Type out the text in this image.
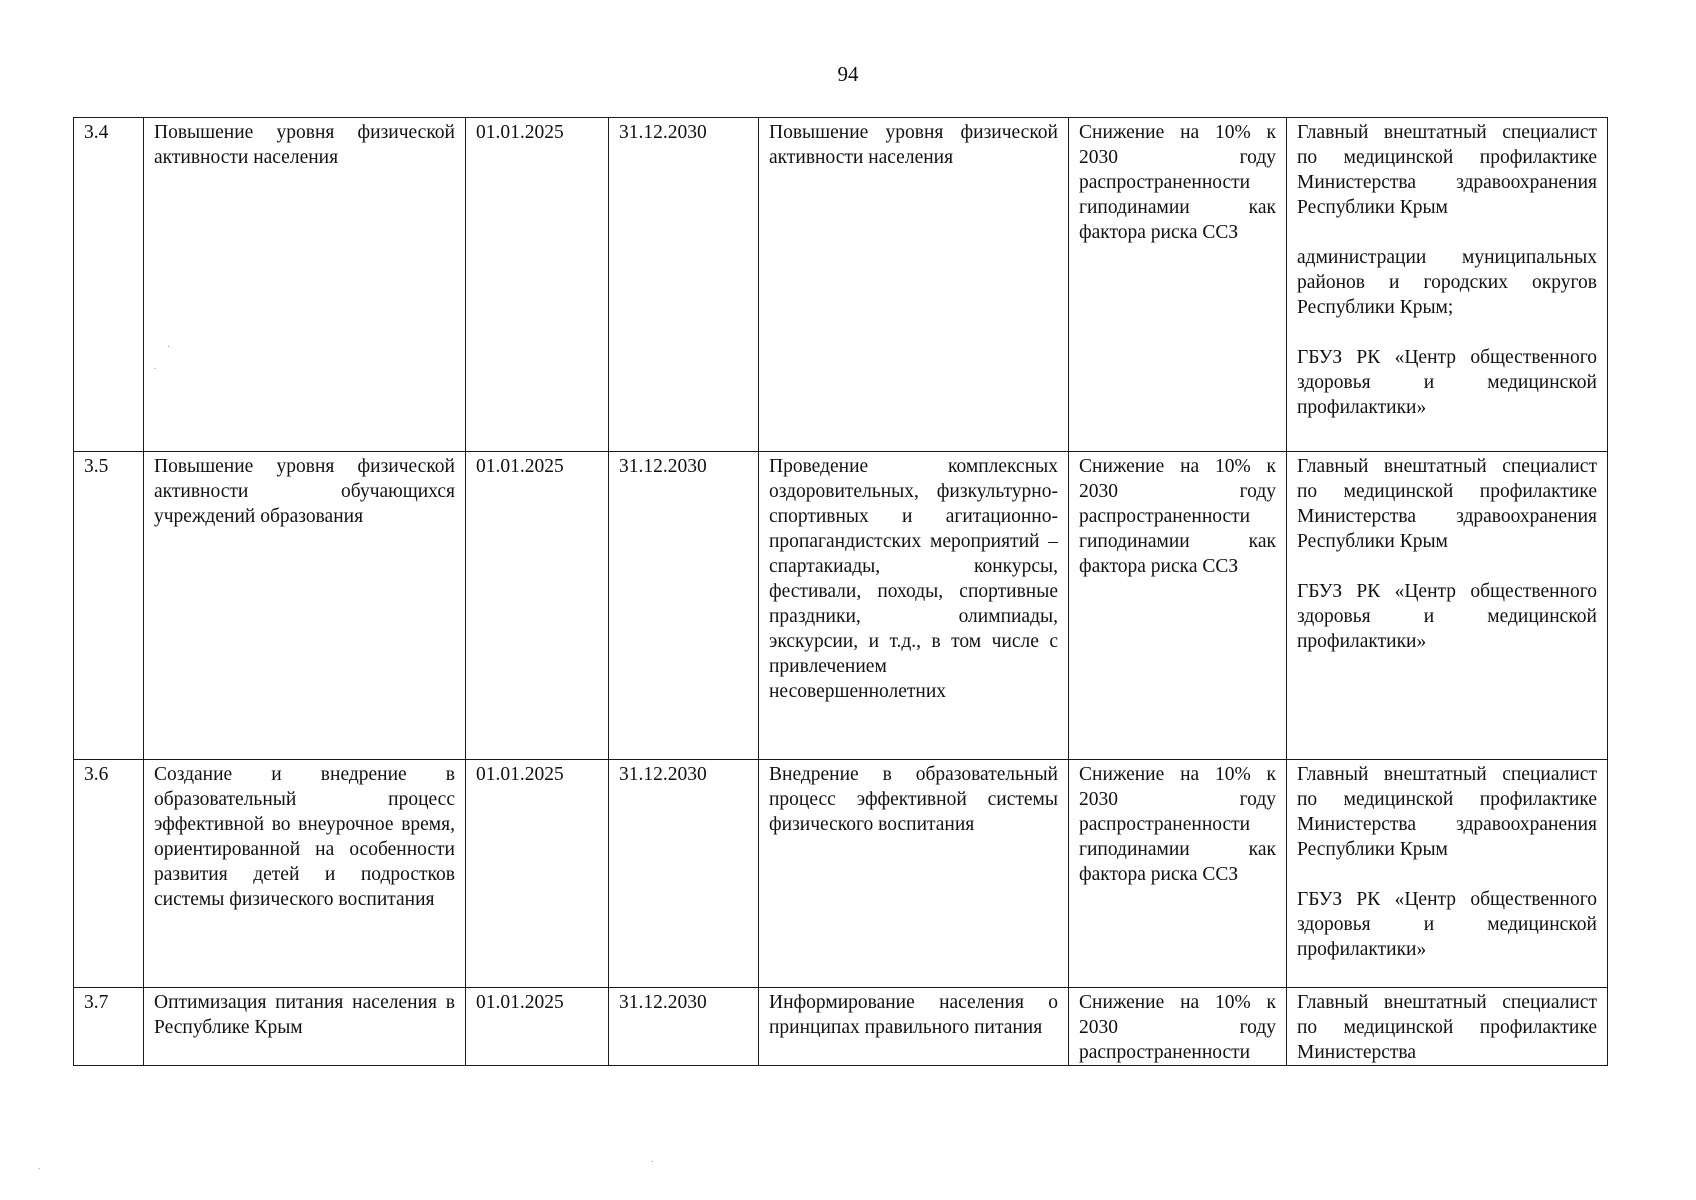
94
3.4	Повышение уровня физической активности населения	01.01.2025	31.12.2030	Повышение уровня физической активности населения	Снижение на 10% к 2030 году распространенности гиподинамии как фактора риска ССЗ	Главный внештатный специалист по медицинской профилактике Министерства здравоохранения Республики Крым
администрации муниципальных районов и городских округов Республики Крым;
ГБУЗ РК «Центр общественного здоровья и медицинской профилактики»

3.5	Повышение уровня физической активности обучающихся учреждений образования	01.01.2025	31.12.2030	Проведение комплексных оздоровительных, физкультурно-спортивных и агитационно-пропагандистских мероприятий – спартакиады, конкурсы, фестивали, походы, спортивные праздники, олимпиады, экскурсии, и т.д., в том числе с привлечением несовершеннолетних	Снижение на 10% к 2030 году распространенности гиподинамии как фактора риска ССЗ	Главный внештатный специалист по медицинской профилактике Министерства здравоохранения Республики Крым
ГБУЗ РК «Центр общественного здоровья и медицинской профилактики»

3.6	Создание и внедрение в образовательный процесс эффективной во внеурочное время, ориентированной на особенности развития детей и подростков системы физического воспитания	01.01.2025	31.12.2030	Внедрение в образовательный процесс эффективной системы физического воспитания	Снижение на 10% к 2030 году распространенности гиподинамии как фактора риска ССЗ	Главный внештатный специалист по медицинской профилактике Министерства здравоохранения Республики Крым
ГБУЗ РК «Центр общественного здоровья и медицинской профилактики»

3.7	Оптимизация питания населения в Республике Крым	01.01.2025	31.12.2030	Информирование населения о принципах правильного питания	Снижение на 10% к 2030 году распространенности	Главный внештатный специалист по медицинской профилактике Министерства
·
.
.
.
